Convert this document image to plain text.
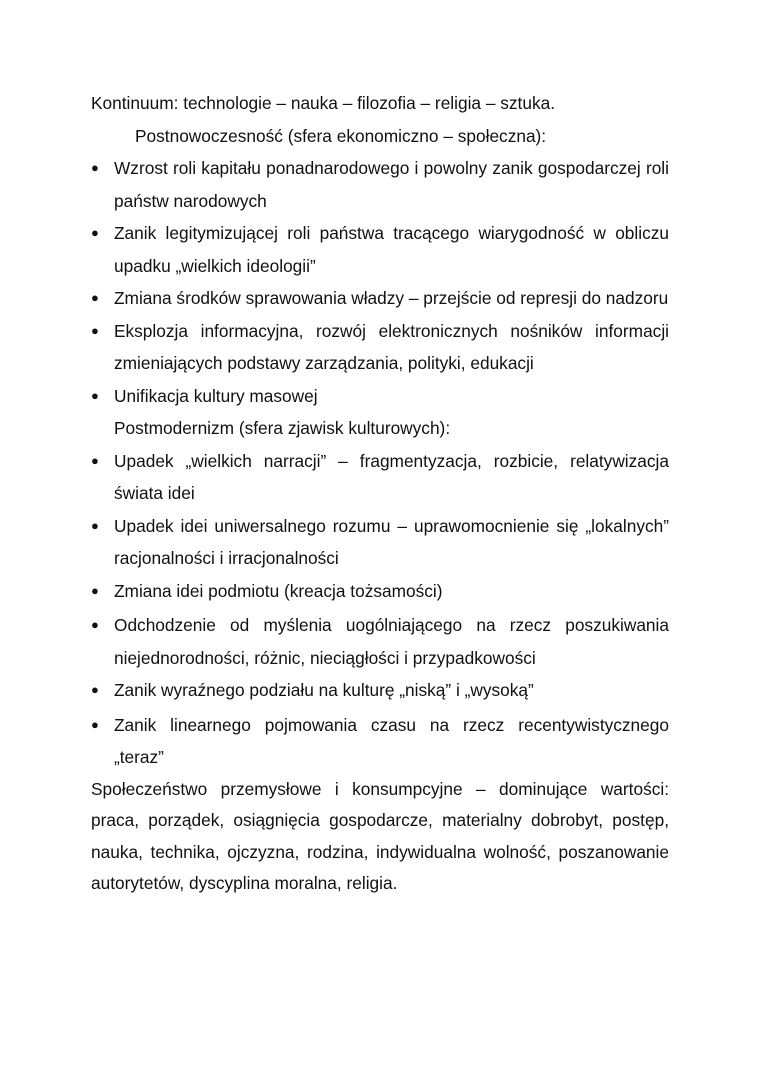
Kontinuum: technologie – nauka – filozofia – religia – sztuka.

Postnowoczesność (sfera ekonomiczno – społeczna):

● Wzrost roli kapitału ponadnarodowego i powolny zanik gospodarczej roli państw narodowych
● Zanik legitymizującej roli państwa tracącego wiarygodność w obliczu upadku „wielkich ideologii”
● Zmiana środków sprawowania władzy – przejście od represji do nadzoru
● Eksplozja informacyjna, rozwój elektronicznych nośników informacji zmieniających podstawy zarządzania, polityki, edukacji
● Unifikacja kultury masowej

Postmodernizm (sfera zjawisk kulturowych):

● Upadek „wielkich narracji” – fragmentyzacja, rozbicie, relatywizacja świata idei
● Upadek idei uniwersalnego rozumu – uprawomocnienie się „lokalnych” racjonalności i irracjonalności
● Zmiana idei podmiotu (kreacja tożsamości)
● Odchodzenie od myślenia uogólniającego na rzecz poszukiwania niejednorodności, różnic, nieciągłości i przypadkowości
● Zanik wyraźnego podziału na kulturę „niską” i „wysoką”
● Zanik linearnego pojmowania czasu na rzecz recentywistycznego „teraz”

Społeczeństwo przemysłowe i konsumpcyjne – dominujące wartości: praca, porządek, osiągnięcia gospodarcze, materialny dobrobyt, postęp, nauka, technika, ojczyzna, rodzina, indywidualna wolność, poszanowanie autorytetów, dyscyplina moralna, religia.
